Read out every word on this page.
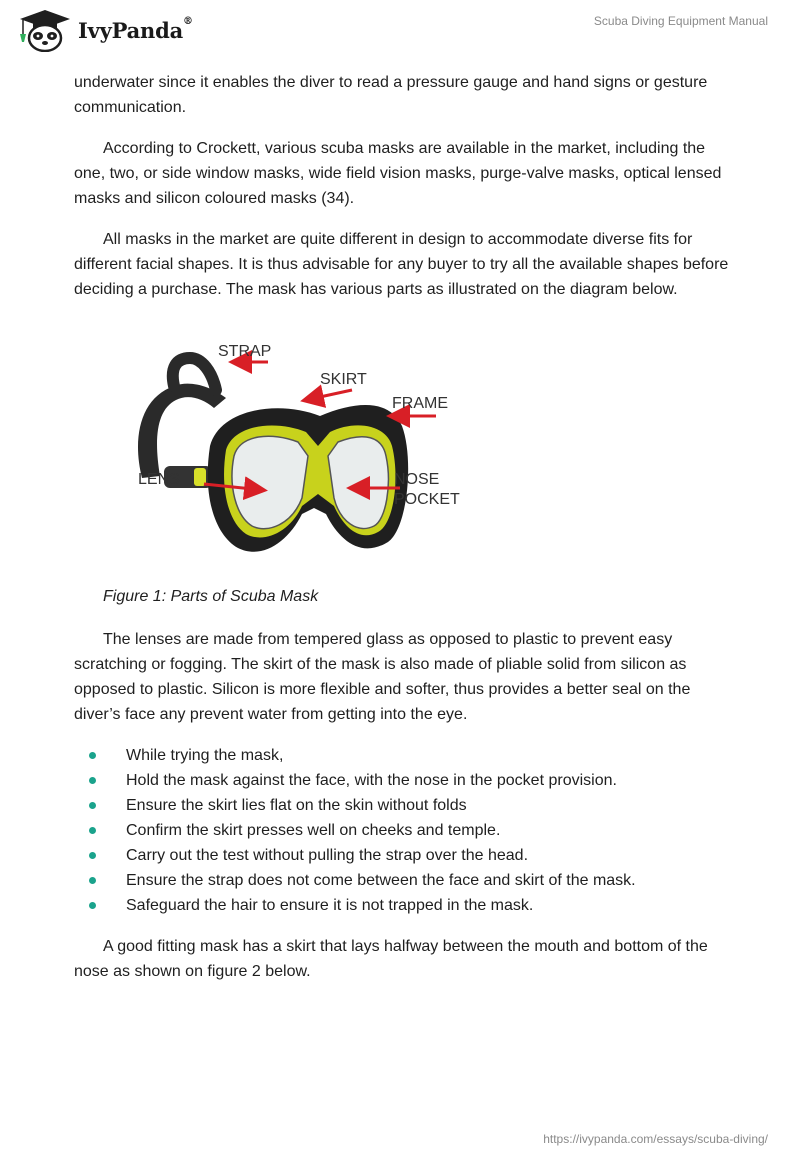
IvyPanda®	Scuba Diving Equipment Manual

underwater since it enables the diver to read a pressure gauge and hand signs or gesture communication.

According to Crockett, various scuba masks are available in the market, including the one, two, or side window masks, wide field vision masks, purge-valve masks, optical lensed masks and silicon coloured masks (34).

All masks in the market are quite different in design to accommodate diverse fits for different facial shapes. It is thus advisable for any buyer to try all the available shapes before deciding a purchase. The mask has various parts as illustrated on the diagram below.

STRAP
SKIRT
FRAME
LENS	NOSE
POCKET
Figure 1: Parts of Scuba Mask

The lenses are made from tempered glass as opposed to plastic to prevent easy scratching or fogging. The skirt of the mask is also made of pliable solid from silicon as opposed to plastic. Silicon is more flexible and softer, thus provides a better seal on the diver’s face any prevent water from getting into the eye.

While trying the mask,
Hold the mask against the face, with the nose in the pocket provision.
Ensure the skirt lies flat on the skin without folds
Confirm the skirt presses well on cheeks and temple.
Carry out the test without pulling the strap over the head.
Ensure the strap does not come between the face and skirt of the mask.
Safeguard the hair to ensure it is not trapped in the mask.

A good fitting mask has a skirt that lays halfway between the mouth and bottom of the nose as shown on figure 2 below.

https://ivypanda.com/essays/scuba-diving/
